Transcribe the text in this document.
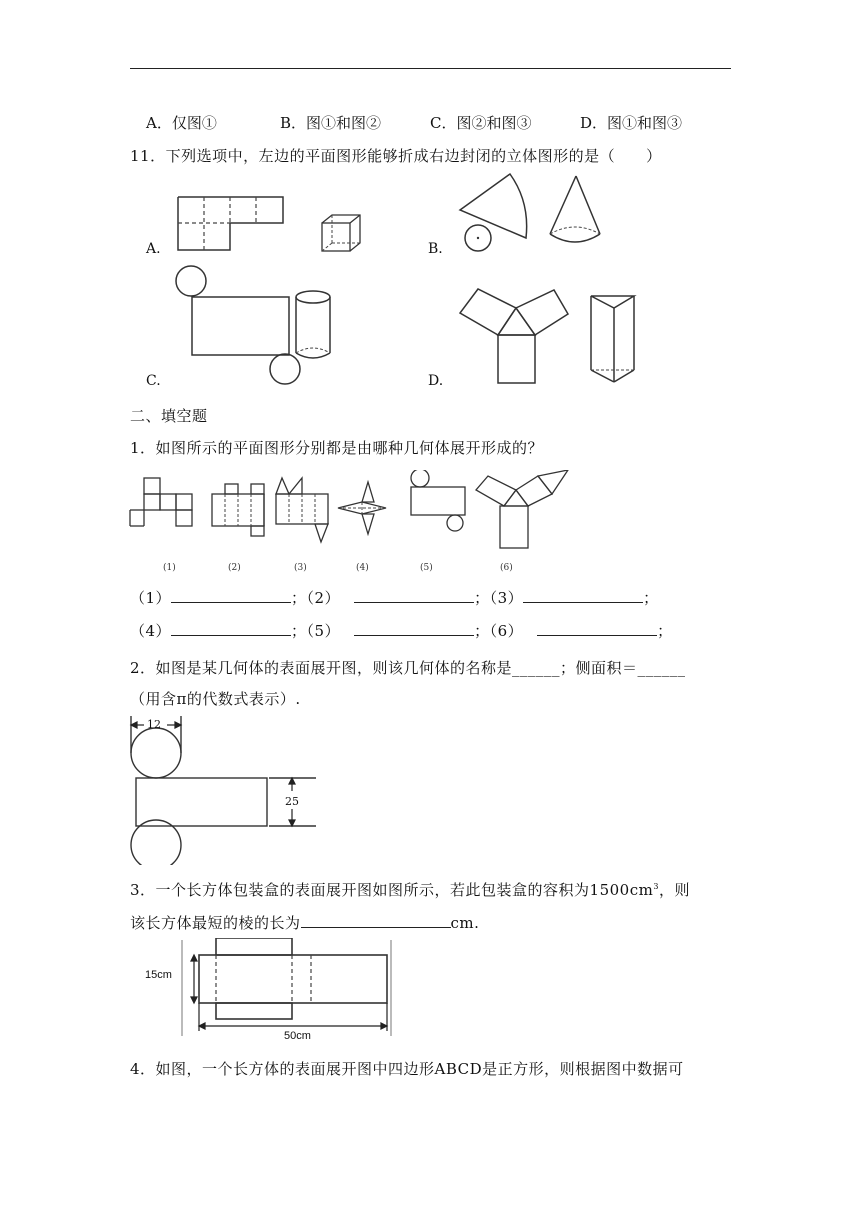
A．仅图①	B．图①和图②	C．图②和图③	D．图①和图③
11．下列选项中，左边的平面图形能够折成右边封闭的立体图形的是（　　）
A.	B.
C.	D.
二、填空题
1．如图所示的平面图形分别都是由哪种几何体展开形成的？
(1)	(2)	(3)	(4)	(5)	(6)
（1）	；（2）	；（3）	；
（4）	；（5）	；（6）	；
2．如图是某几何体的表面展开图，则该几何体的名称是______；侧面积＝______
（用含π的代数式表示）.
12
25
3．一个长方体包装盒的表面展开图如图所示，若此包装盒的容积为$1500cm^3$，则
该长方体最短的棱的长为	cm.
15cm
50cm
4．如图，一个长方体的表面展开图中四边形ABCD是正方形，则根据图中数据可
